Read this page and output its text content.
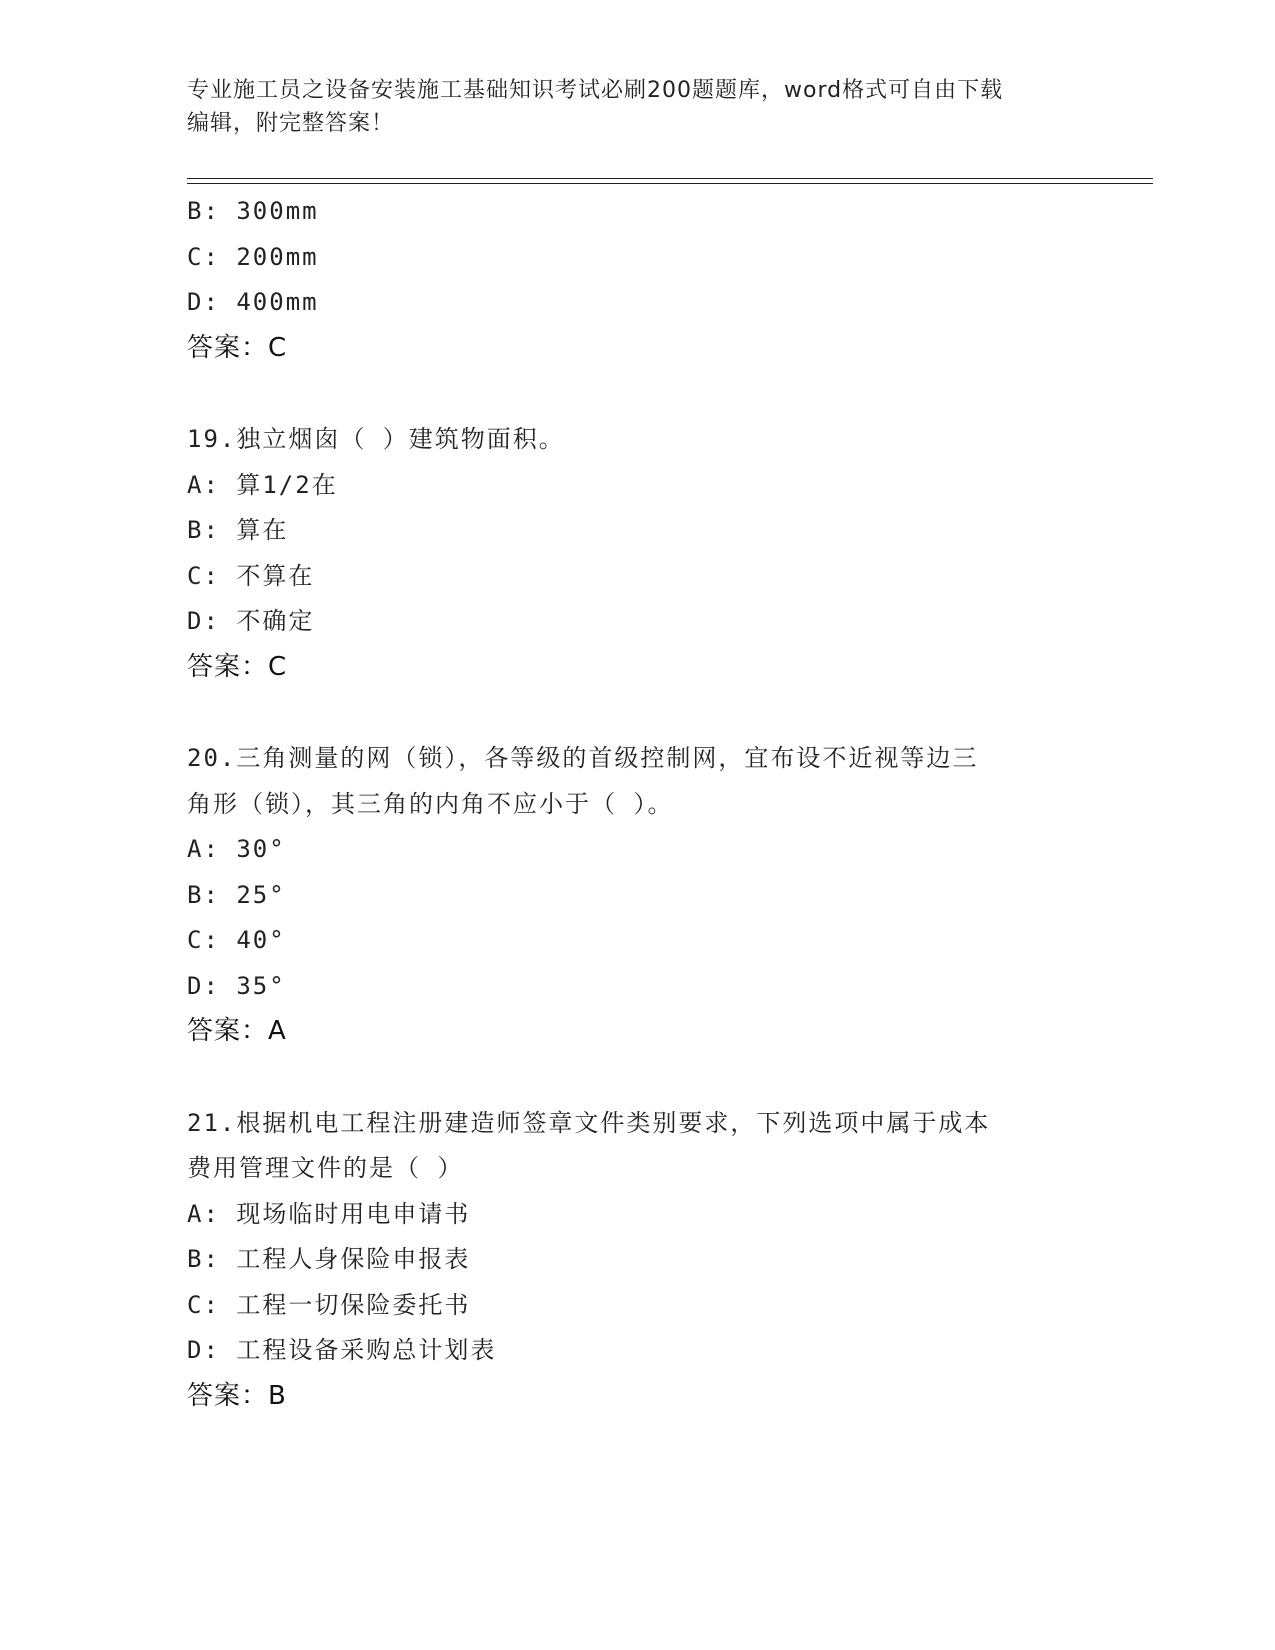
专业施工员之设备安装施工基础知识考试必刷200题题库，word格式可自由下载
编辑，附完整答案！
B: 300mm
C: 200mm
D: 400mm
答案：C
19.独立烟囱（ ）建筑物面积。
A: 算1/2在
B: 算在
C: 不算在
D: 不确定
答案：C
20.三角测量的网（锁），各等级的首级控制网，宜布设不近视等边三
角形（锁），其三角的内角不应小于（ ）。
A: 30°
B: 25°
C: 40°
D: 35°
答案：A
21.根据机电工程注册建造师签章文件类别要求，下列选项中属于成本
费用管理文件的是（ ）
A: 现场临时用电申请书
B: 工程人身保险申报表
C: 工程一切保险委托书
D: 工程设备采购总计划表
答案：B
